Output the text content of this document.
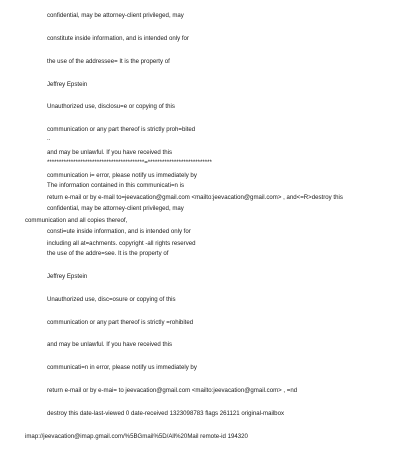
confidential, may be attorney-client privileged, may

constitute inside information, and is intended only for

the use of the addressee= It is the property of

Jeffrey Epstein

Unauthorized use, disclosu=e or copying of this

communication or any part thereof is strictly proh=bited

and may be unlawful. If you have received this

communication i= error, please notify us immediately by

return e-mail or by e-mail to=jeevacation@gmail.com <mailto:jeevacation@gmail.com> , and<=R>destroy this

communication and all copies thereof,

including all at=achments. copyright -all rights reserved

..

*****************************************=***************************

The information contained in this communicati=n is

confidential, may be attorney-client privileged, may

consti=ute inside information, and is intended only for

the use of the addre=see. It is the property of

Jeffrey Epstein

Unauthorized use, disc=osure or copying of this

communication or any part thereof is strictly =rohibited

and may be unlawful. If you have received this

communicati=n in error, please notify us immediately by

return e-mail or by e-mai= to jeevacation@gmail.com <mailto:jeevacation@gmail.com> , =nd

destroy this date-last-viewed 0 date-received 1323098783 flags 261121 original-mailbox

imap://jeevacation@imap.gmail.com/%5BGmail%5D/All%20Mail remote-id 194320
